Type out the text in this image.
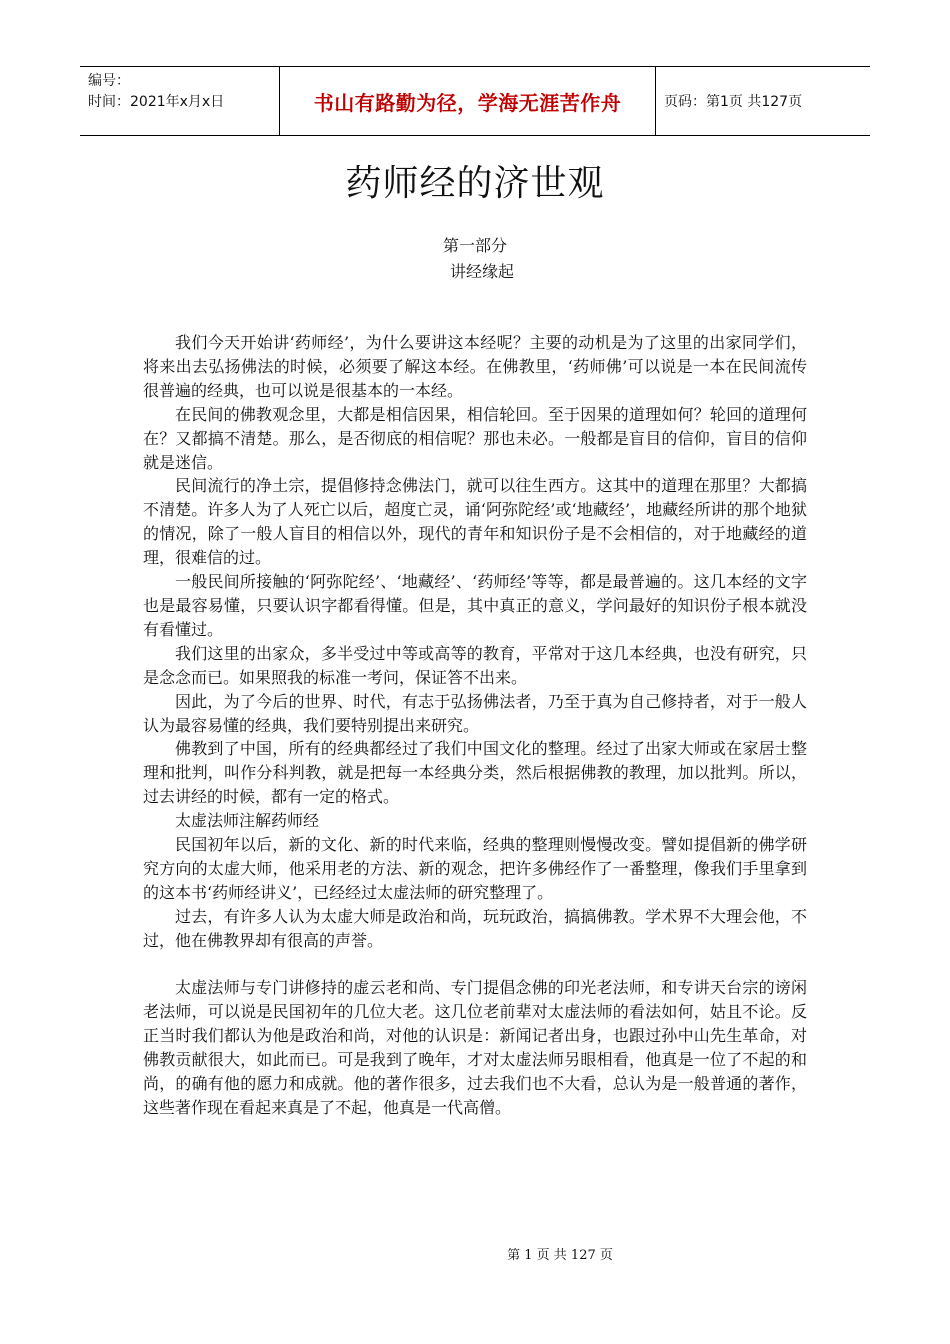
编号：
时间：2021年x月x日	书山有路勤为径，学海无涯苦作舟	页码：第1页 共127页
药师经的济世观
第一部分
讲经缘起

我们今天开始讲‘药师经’，为什么要讲这本经呢？主要的动机是为了这里的出家同学们，将来出去弘扬佛法的时候，必须要了解这本经。在佛教里，‘药师佛’可以说是一本在民间流传很普遍的经典，也可以说是很基本的一本经。

在民间的佛教观念里，大都是相信因果，相信轮回。至于因果的道理如何？轮回的道理何在？又都搞不清楚。那么，是否彻底的相信呢？那也未必。一般都是盲目的信仰，盲目的信仰就是迷信。

民间流行的净土宗，提倡修持念佛法门，就可以往生西方。这其中的道理在那里？大都搞不清楚。许多人为了人死亡以后，超度亡灵，诵‘阿弥陀经’或‘地藏经’，地藏经所讲的那个地狱的情况，除了一般人盲目的相信以外，现代的青年和知识份子是不会相信的，对于地藏经的道理，很难信的过。

一般民间所接触的‘阿弥陀经’、‘地藏经’、‘药师经’等等，都是最普遍的。这几本经的文字也是最容易懂，只要认识字都看得懂。但是，其中真正的意义，学问最好的知识份子根本就没有看懂过。

我们这里的出家众，多半受过中等或高等的教育，平常对于这几本经典，也没有研究，只是念念而已。如果照我的标准一考问，保证答不出来。

因此，为了今后的世界、时代，有志于弘扬佛法者，乃至于真为自己修持者，对于一般人认为最容易懂的经典，我们要特别提出来研究。

佛教到了中国，所有的经典都经过了我们中国文化的整理。经过了出家大师或在家居士整理和批判，叫作分科判教，就是把每一本经典分类，然后根据佛教的教理，加以批判。所以，过去讲经的时候，都有一定的格式。

太虚法师注解药师经

民国初年以后，新的文化、新的时代来临，经典的整理则慢慢改变。譬如提倡新的佛学研究方向的太虚大师，他采用老的方法、新的观念，把许多佛经作了一番整理，像我们手里拿到的这本书‘药师经讲义’，已经经过太虚法师的研究整理了。

过去，有许多人认为太虚大师是政治和尚，玩玩政治，搞搞佛教。学术界不大理会他，不过，他在佛教界却有很高的声誉。

太虚法师与专门讲修持的虚云老和尚、专门提倡念佛的印光老法师，和专讲天台宗的谤闲老法师，可以说是民国初年的几位大老。这几位老前辈对太虚法师的看法如何，姑且不论。反正当时我们都认为他是政治和尚，对他的认识是：新闻记者出身，也跟过孙中山先生革命，对佛教贡献很大，如此而已。可是我到了晚年，才对太虚法师另眼相看，他真是一位了不起的和尚，的确有他的愿力和成就。他的著作很多，过去我们也不大看，总认为是一般普通的著作，这些著作现在看起来真是了不起，他真是一代高僧。

第 1 页 共 127 页
